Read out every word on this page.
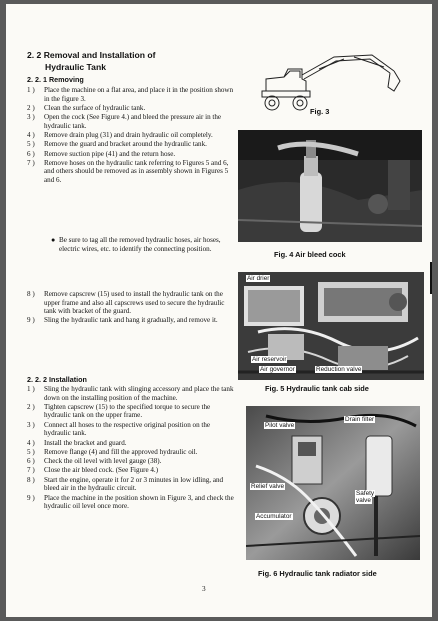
2. 2 Removal and Installation of
Hydraulic Tank
2. 2. 1 Removing
1 ) Place the machine on a flat area, and place it in the position shown in the figure 3.
2 ) Clean the surface of hydraulic tank.
3 ) Open the cock (See Figure 4.) and bleed the pressure air in the hydraulic tank.
4 ) Remove drain plug (31) and drain hydraulic oil completely.
5 ) Remove the guard and bracket around the hydraulic tank.
6 ) Remove suction pipe (41) and the return hose.
7 ) Remove hoses on the hydraulic tank referring to Figures 5 and 6, and others should be removed as in assembly shown in Figures 5 and 6.
● Be sure to tag all the removed hydraulic hoses, air hoses, electric wires, etc. to identify the connecting position.
8 ) Remove capscrew (15) used to install the hydraulic tank on the upper frame and also all capscrews used to secure the hydraulic tank with bracket of the guard.
9 ) Sling the hydraulic tank and hang it gradually, and remove it.
2. 2. 2 Installation
1 ) Sling the hydraulic tank with slinging accessory and place the tank down on the installing position of the machine.
2 ) Tighten capscrew (15) to the specified torque to secure the hydraulic tank on the upper frame.
3 ) Connect all hoses to the respective original position on the hydraulic tank.
4 ) Install the bracket and guard.
5 ) Remove flange (4) and fill the approved hydraulic oil.
6 ) Check the oil level with level gauge (38).
7 ) Close the air bleed cock. (See Figure 4.)
8 ) Start the engine, operate it for 2 or 3 minutes in low idling, and bleed air in the hydraulic circuit.
9 ) Place the machine in the position shown in Figure 3, and check the hydraulic oil level once more.
3
Fig. 3
Fig. 4 Air bleed cock
Air drier
Air reservoir
Air governor	Reduction valve
Fig. 5 Hydraulic tank cab side
Pilot valve
Drain filter
Relief valve
Safety
valve
Accumulator
Fig. 6 Hydraulic tank radiator side
